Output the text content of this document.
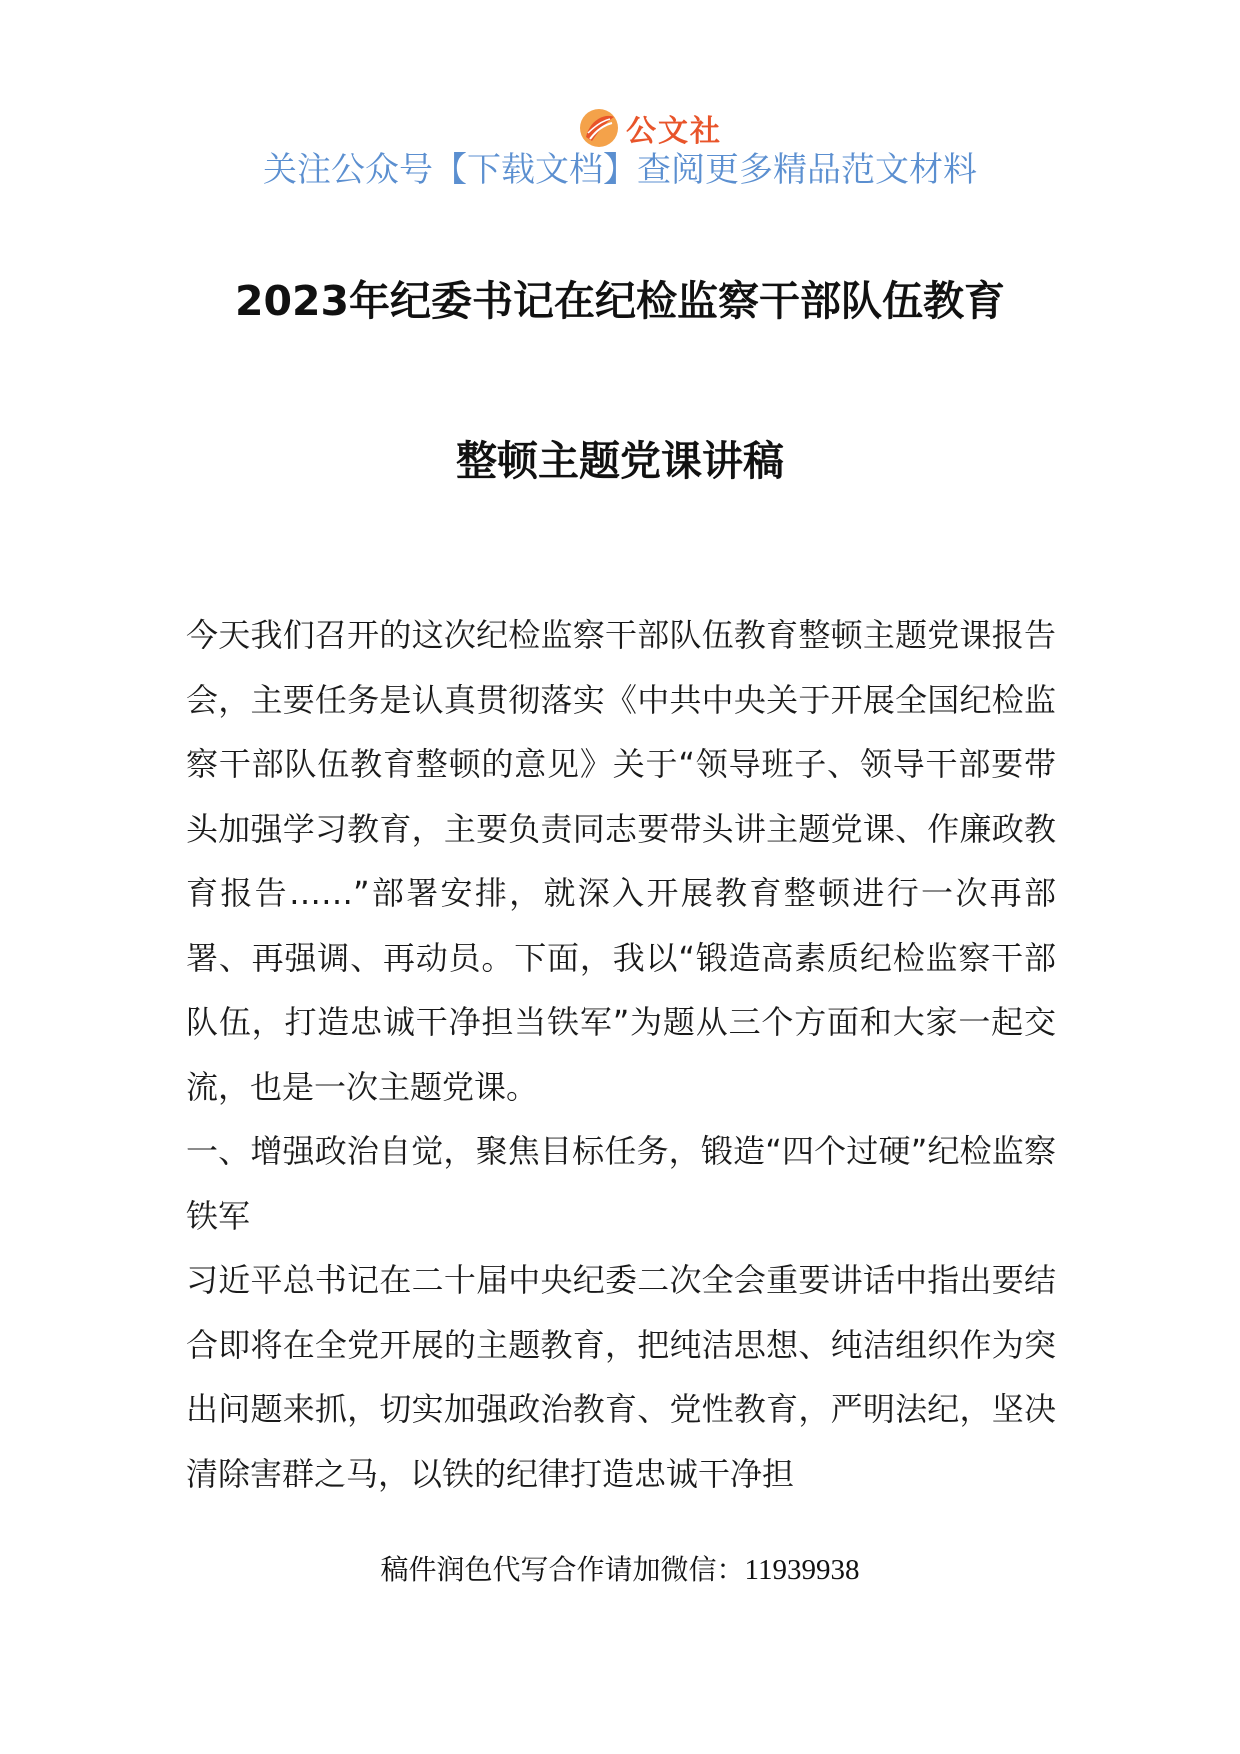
公文社
关注公众号【下载文档】查阅更多精品范文材料
2023年纪委书记在纪检监察干部队伍教育
整顿主题党课讲稿

今天我们召开的这次纪检监察干部队伍教育整顿主题党课报告会，主要任务是认真贯彻落实《中共中央关于开展全国纪检监察干部队伍教育整顿的意见》关于“领导班子、领导干部要带头加强学习教育，主要负责同志要带头讲主题党课、作廉政教育报告……”部署安排，就深入开展教育整顿进行一次再部署、再强调、再动员。下面，我以“锻造高素质纪检监察干部队伍，打造忠诚干净担当铁军”为题从三个方面和大家一起交流，也是一次主题党课。

一、增强政治自觉，聚焦目标任务，锻造“四个过硬”纪检监察铁军

习近平总书记在二十届中央纪委二次全会重要讲话中指出要结合即将在全党开展的主题教育，把纯洁思想、纯洁组织作为突出问题来抓，切实加强政治教育、党性教育，严明法纪，坚决清除害群之马，以铁的纪律打造忠诚干净担

稿件润色代写合作请加微信：11939938
